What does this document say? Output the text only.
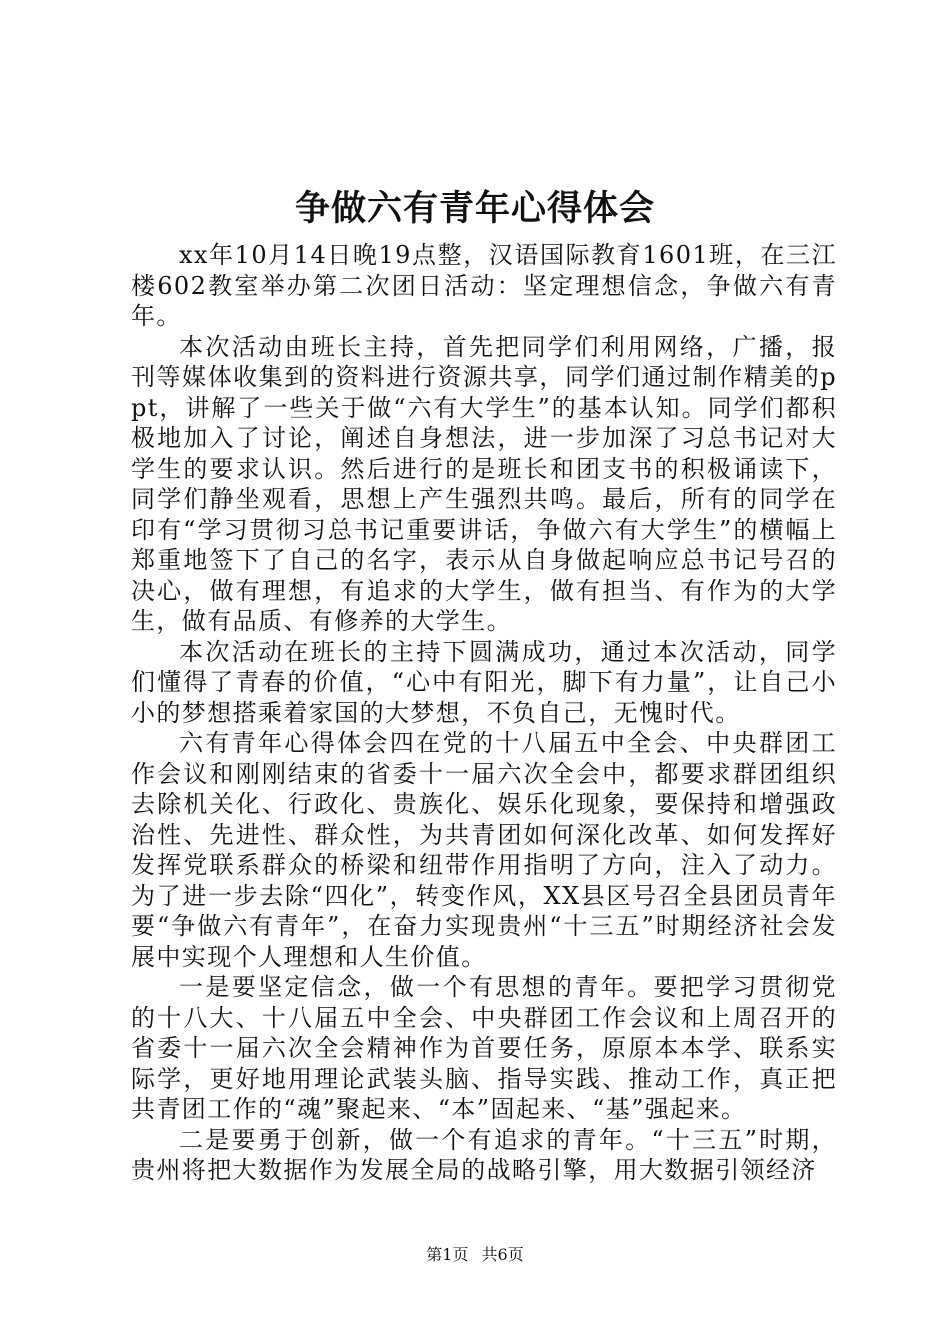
争做六有青年心得体会

xx年10月14日晚19点整，汉语国际教育1601班，在三江楼602教室举办第二次团日活动：坚定理想信念，争做六有青年。

本次活动由班长主持，首先把同学们利用网络，广播，报刊等媒体收集到的资料进行资源共享，同学们通过制作精美的ppt，讲解了一些关于做“六有大学生”的基本认知。同学们都积极地加入了讨论，阐述自身想法，进一步加深了习总书记对大学生的要求认识。然后进行的是班长和团支书的积极诵读下，同学们静坐观看，思想上产生强烈共鸣。最后，所有的同学在印有“学习贯彻习总书记重要讲话，争做六有大学生”的横幅上郑重地签下了自己的名字，表示从自身做起响应总书记号召的决心，做有理想，有追求的大学生，做有担当、有作为的大学生，做有品质、有修养的大学生。

本次活动在班长的主持下圆满成功，通过本次活动，同学们懂得了青春的价值，“心中有阳光，脚下有力量”，让自己小小的梦想搭乘着家国的大梦想，不负自己，无愧时代。

六有青年心得体会四在党的十八届五中全会、中央群团工作会议和刚刚结束的省委十一届六次全会中，都要求群团组织去除机关化、行政化、贵族化、娱乐化现象，要保持和增强政治性、先进性、群众性，为共青团如何深化改革、如何发挥好发挥党联系群众的桥梁和纽带作用指明了方向，注入了动力。为了进一步去除“四化”，转变作风，XX县区号召全县团员青年要“争做六有青年”，在奋力实现贵州“十三五”时期经济社会发展中实现个人理想和人生价值。

一是要坚定信念，做一个有思想的青年。要把学习贯彻党的十八大、十八届五中全会、中央群团工作会议和上周召开的省委十一届六次全会精神作为首要任务，原原本本学、联系实际学，更好地用理论武装头脑、指导实践、推动工作，真正把共青团工作的“魂”聚起来、“本”固起来、“基”强起来。

二是要勇于创新，做一个有追求的青年。“十三五”时期，贵州将把大数据作为发展全局的战略引擎，用大数据引领经济

第1页 共6页
